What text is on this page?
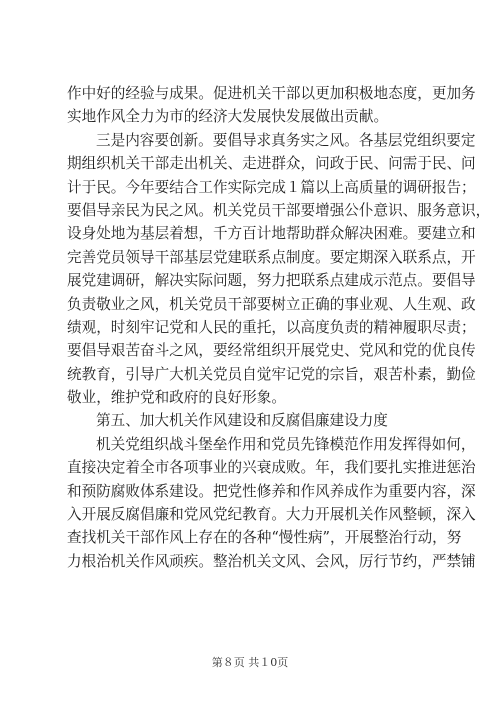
作中好的经验与成果。促进机关干部以更加积极地态度，更加务
实地作风全力为市的经济大发展快发展做出贡献。
三是内容要创新。要倡导求真务实之风。各基层党组织要定
期组织机关干部走出机关、走进群众，问政于民、问需于民、问
计于民。今年要结合工作实际完成１篇以上高质量的调研报告；
要倡导亲民为民之风。机关党员干部要增强公仆意识、服务意识，
设身处地为基层着想，千方百计地帮助群众解决困难。要建立和
完善党员领导干部基层党建联系点制度。要定期深入联系点，开
展党建调研，解决实际问题，努力把联系点建成示范点。要倡导
负责敬业之风，机关党员干部要树立正确的事业观、人生观、政
绩观，时刻牢记党和人民的重托，以高度负责的精神履职尽责；
要倡导艰苦奋斗之风，要经常组织开展党史、党风和党的优良传
统教育，引导广大机关党员自觉牢记党的宗旨，艰苦朴素，勤俭
敬业，维护党和政府的良好形象。
第五、加大机关作风建设和反腐倡廉建设力度
机关党组织战斗堡垒作用和党员先锋模范作用发挥得如何，
直接决定着全市各项事业的兴衰成败。年，我们要扎实推进惩治
和预防腐败体系建设。把党性修养和作风养成作为重要内容，深
入开展反腐倡廉和党风党纪教育。大力开展机关作风整顿，深入
查找机关干部作风上存在的各种“慢性病”，开展整治行动，努
力根治机关作风顽疾。整治机关文风、会风，厉行节约，严禁铺
第８页 共１0页
